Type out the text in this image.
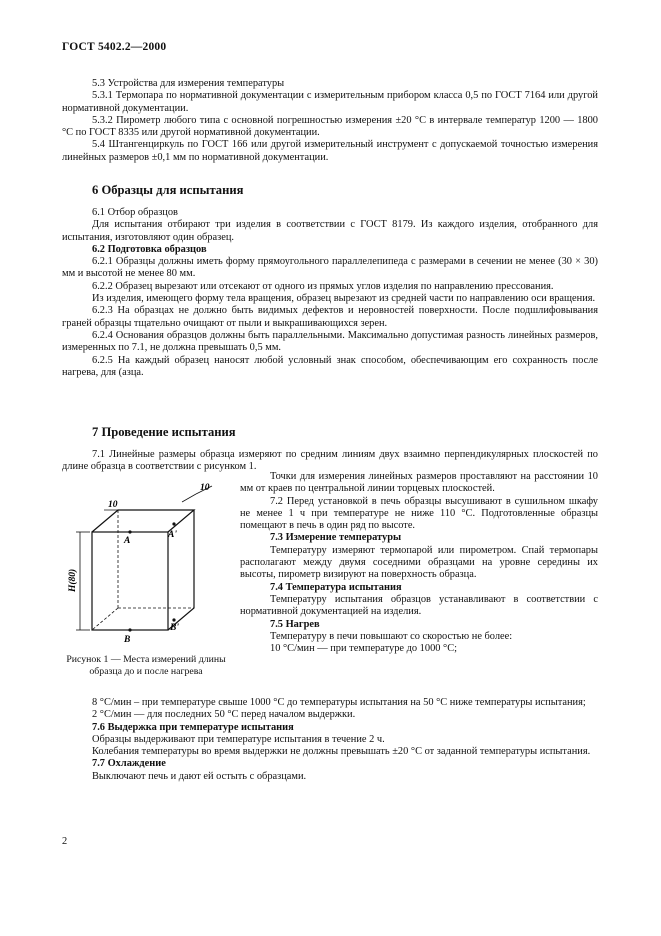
ГОСТ 5402.2—2000

5.3 Устройства для измерения температуры

5.3.1 Термопара по нормативной документации с измерительным прибором класса 0,5 по ГОСТ 7164 или другой нормативной документации.

5.3.2 Пирометр любого типа с основной погрешностью измерения ±20 °С в интервале температур 1200 — 1800 °С по ГОСТ 8335 или другой нормативной документации.

5.4 Штангенциркуль по ГОСТ 166 или другой измерительный инструмент с допускаемой точностью измерения линейных размеров ±0,1 мм по нормативной документации.

6 Образцы для испытания

6.1 Отбор образцов

Для испытания отбирают три изделия в соответствии с ГОСТ 8179. Из каждого изделия, отобранного для испытания, изготовляют один образец.

6.2 Подготовка образцов

6.2.1 Образцы должны иметь форму прямоугольного параллелепипеда с размерами в сечении не менее (30 × 30) мм и высотой не менее 80 мм.

6.2.2 Образец вырезают или отсекают от одного из прямых углов изделия по направлению прессования.

Из изделия, имеющего форму тела вращения, образец вырезают из средней части по направлению оси вращения.

6.2.3 На образцах не должно быть видимых дефектов и неровностей поверхности. После подшлифовывания граней образцы тщательно очищают от пыли и выкрашивающихся зерен.

6.2.4 Основания образцов должны быть параллельными. Максимально допустимая разность линейных размеров, измеренных по 7.1, не должна превышать 0,5 мм.

6.2.5 На каждый образец наносят любой условный знак способом, обеспечивающим его сохранность после нагрева, для (азца.

7 Проведение испытания

7.1 Линейные размеры образца измеряют по средним линиям двух взаимно перпендикулярных плоскостей по длине образца в соответствии с рисунком 1.

10
10
H(80)
A
A'
B
B'
Рисунок 1 — Места измерений длины образца до и после нагрева

Точки для измерения линейных размеров проставляют на расстоянии 10 мм от краев по центральной линии торцевых плоскостей.

7.2 Перед установкой в печь образцы высушивают в сушильном шкафу не менее 1 ч при температуре не ниже 110 °С. Подготовленные образцы помещают в печь в один ряд по высоте.

7.3 Измерение температуры

Температуру измеряют термопарой или пирометром. Спай термопары располагают между двумя соседними образцами на уровне середины их высоты, пирометр визируют на поверхность образца.

7.4 Температура испытания

Температуру испытания образцов устанавливают в соответствии с нормативной документацией на изделия.

7.5 Нагрев

Температуру в печи повышают со скоростью не более:

10 °С/мин — при температуре до 1000 °С;

8 °С/мин – при температуре свыше 1000 °С до температуры испытания на 50 °С ниже температуры испытания;

2 °С/мин — для последних 50 °С перед началом выдержки.

7.6 Выдержка при температуре испытания

Образцы выдерживают при температуре испытания в течение 2 ч.

Колебания температуры во время выдержки не должны превышать ±20 °С от заданной температуры испытания.

7.7 Охлаждение

Выключают печь и дают ей остыть с образцами.

2
